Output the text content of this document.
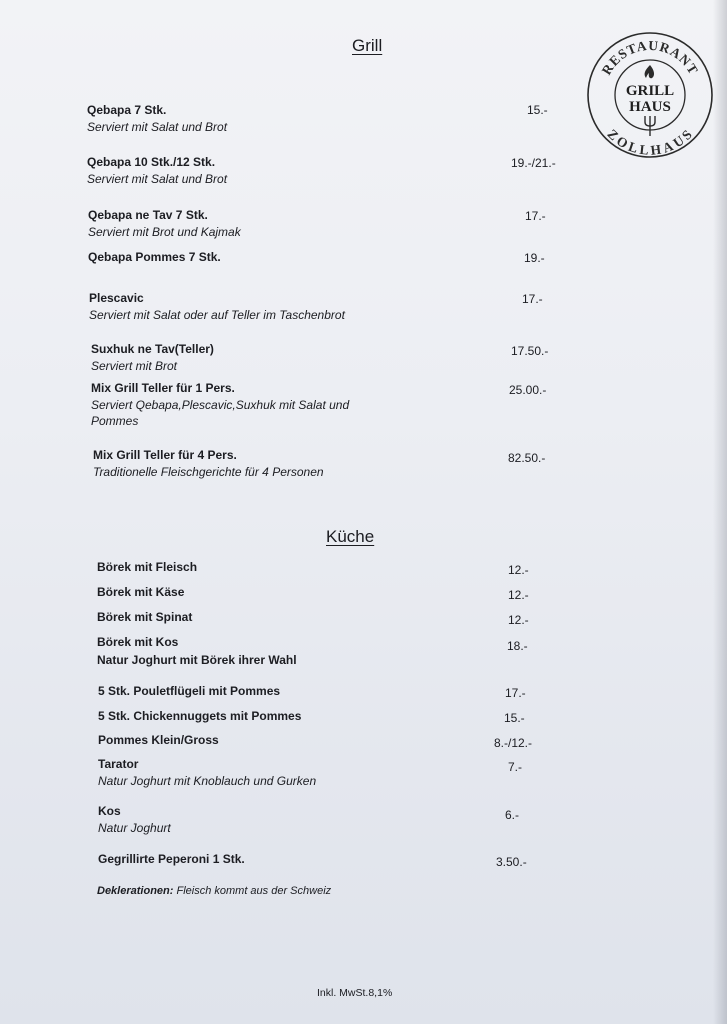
RESTAURANT
ZOLLHAUS
GRILL
HAUS
Grill
Qebapa 7 Stk.
Serviert mit Salat und Brot
15.-
Qebapa 10 Stk./12 Stk.
Serviert mit Salat und Brot
19.-/21.-
Qebapa ne Tav 7 Stk.
Serviert mit Brot und Kajmak
17.-
Qebapa Pommes 7 Stk.	19.-
Plescavic
Serviert mit Salat oder auf Teller im Taschenbrot
17.-
Suxhuk ne Tav(Teller)
Serviert mit Brot
17.50.-
Mix Grill Teller für 1 Pers.
Serviert Qebapa,Plescavic,Suxhuk mit Salat und Pommes
25.00.-
Mix Grill Teller für 4 Pers.
Traditionelle Fleischgerichte für 4 Personen
82.50.-
Küche
Börek mit Fleisch	12.-
Börek mit Käse	12.-
Börek mit Spinat	12.-
Börek mit Kos
Natur Joghurt mit Börek ihrer Wahl
18.-
5 Stk. Pouletflügeli mit Pommes	17.-
5 Stk. Chickennuggets mit Pommes	15.-
Pommes Klein/Gross	8.-/12.-
Tarator
Natur Joghurt mit Knoblauch und Gurken
7.-
Kos
Natur Joghurt
6.-
Gegrillirte Peperoni 1 Stk.	3.50.-
Deklerationen: Fleisch kommt aus der Schweiz
Inkl. MwSt.8,1%
